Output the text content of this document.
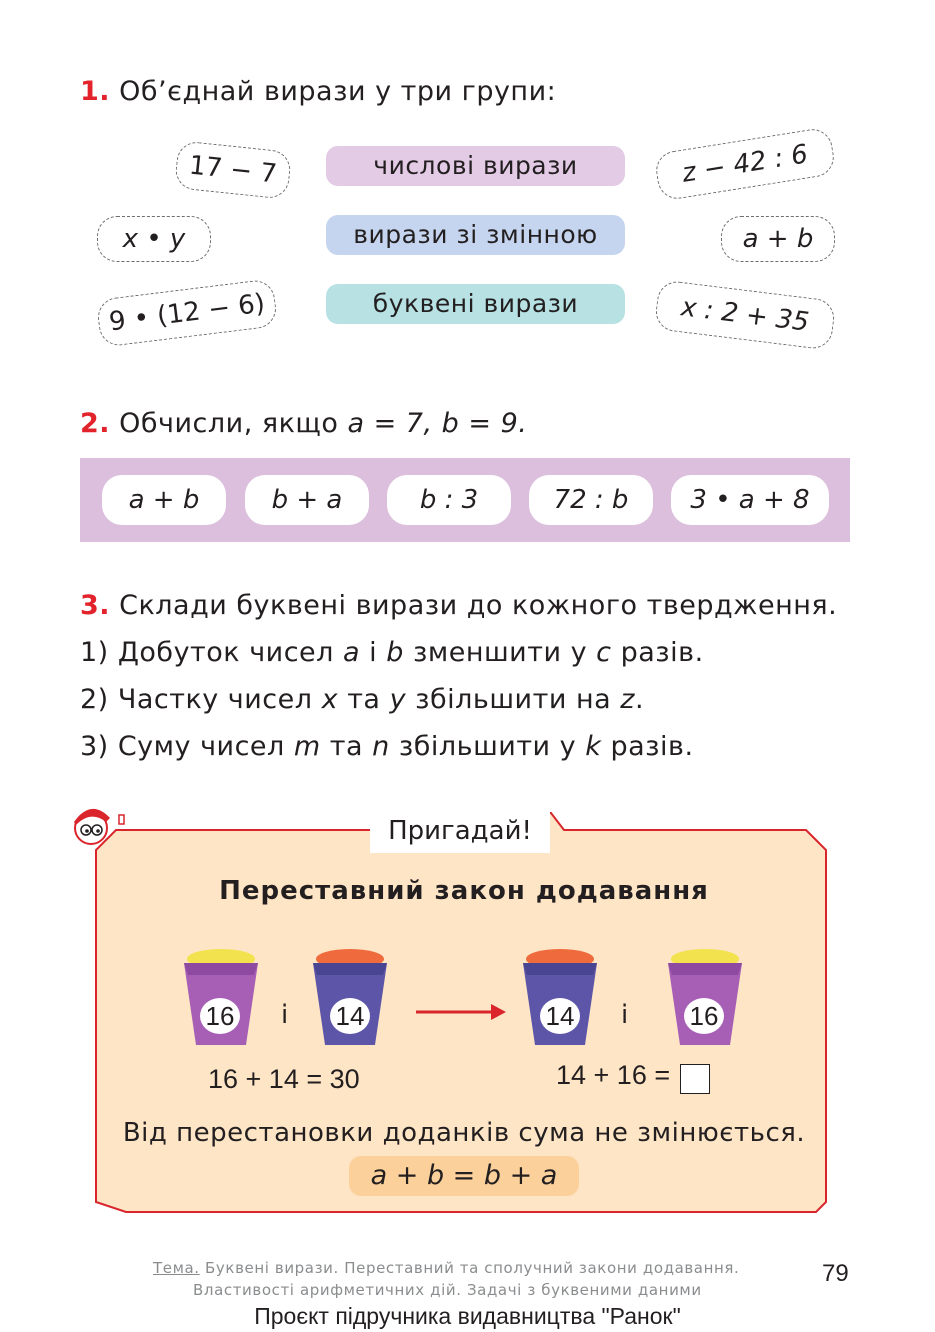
1. Об’єднай вирази у три групи:
числові вирази
вирази зі змінною
буквені вирази
17 − 7
x • y
9 • (12 − 6)
z − 42 : 6
a + b
x : 2 + 35
2. Обчисли, якщо a = 7, b = 9.
a + b	b + a	b : 3	72 : b	3 • a + 8
3. Склади буквені вирази до кожного твердження.
1) Добуток чисел a і b зменшити у c разів.
2) Частку чисел x та y збільшити на z.
3) Суму чисел m та n збільшити у k разів.
Пригадай!
Переставний закон додавання
16	14
і	14 і 16
16 + 14 = 30	14 + 16 =
Від перестановки доданків сума не змінюється.
a + b = b + a
Тема. Буквені вирази. Переставний та сполучний закони додавання.
Властивості арифметичних дій. Задачі з буквеними даними
79
Проєкт підручника видавництва "Ранок"
